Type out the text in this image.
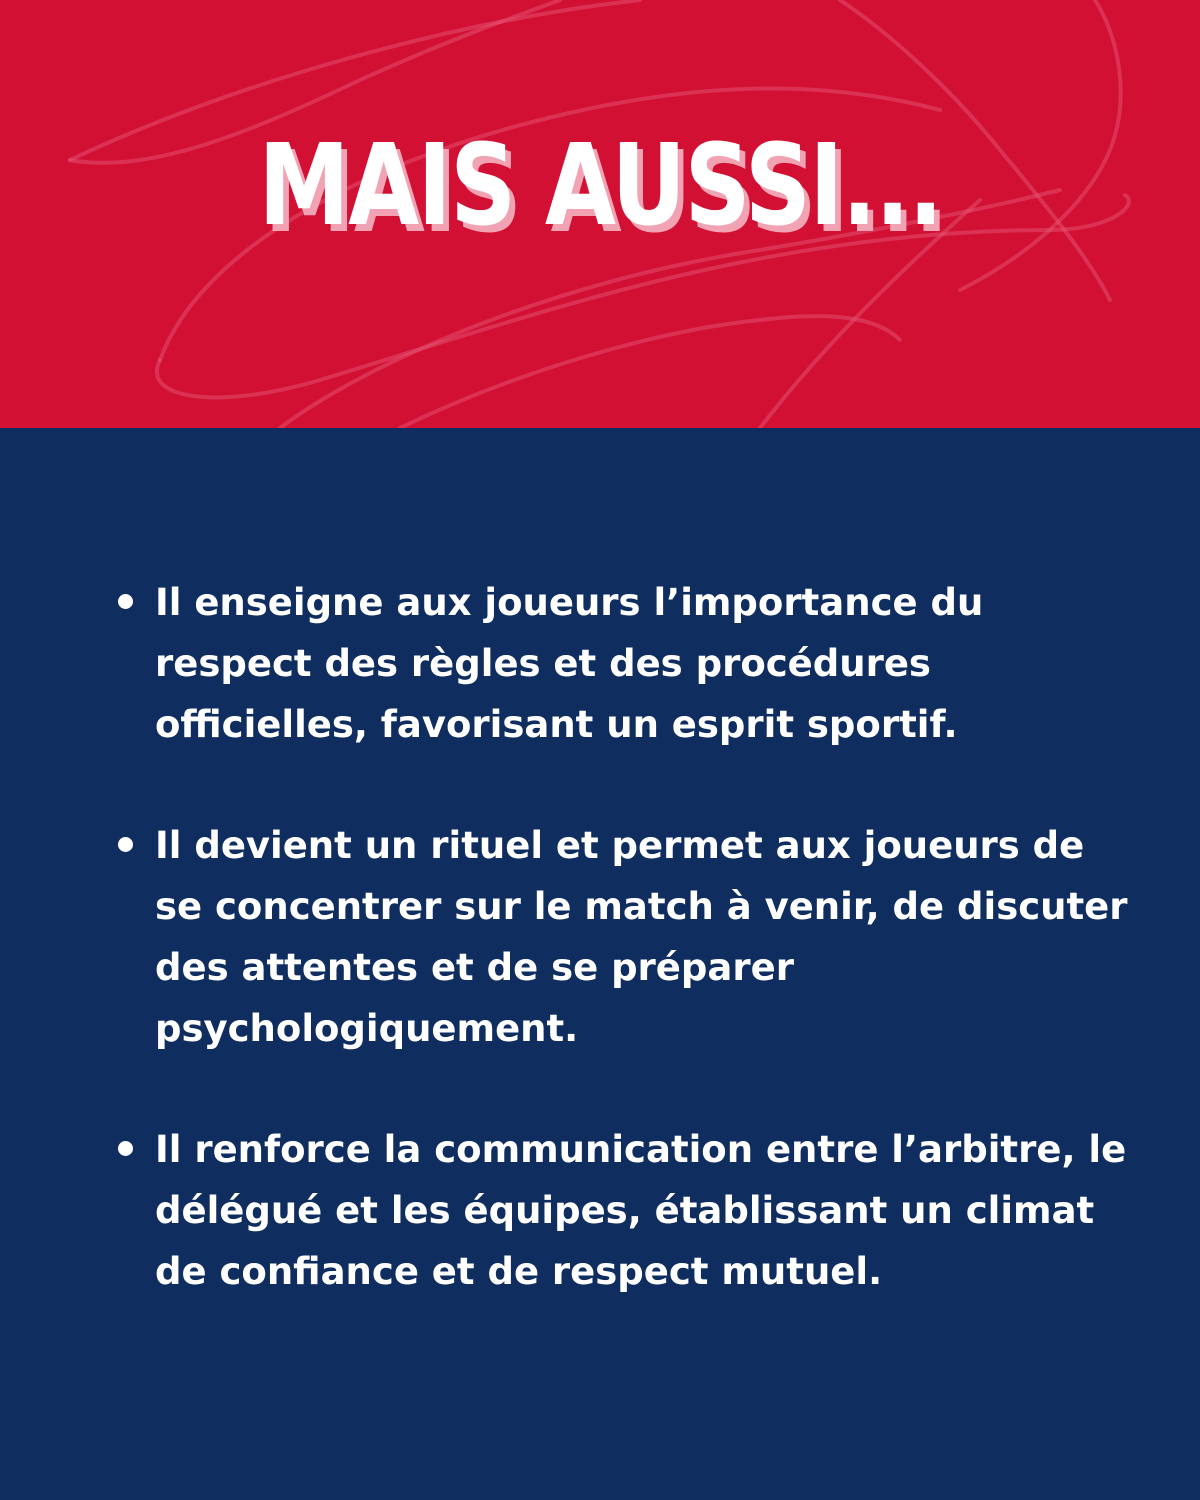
MAIS AUSSI...
Il enseigne aux joueurs l’importance du respect des règles et des procédures officielles, favorisant un esprit sportif.
Il devient un rituel et permet aux joueurs de se concentrer sur le match à venir, de discuter des attentes et de se préparer psychologiquement.
Il renforce la communication entre l’arbitre, le délégué et les équipes, établissant un climat de confiance et de respect mutuel.
